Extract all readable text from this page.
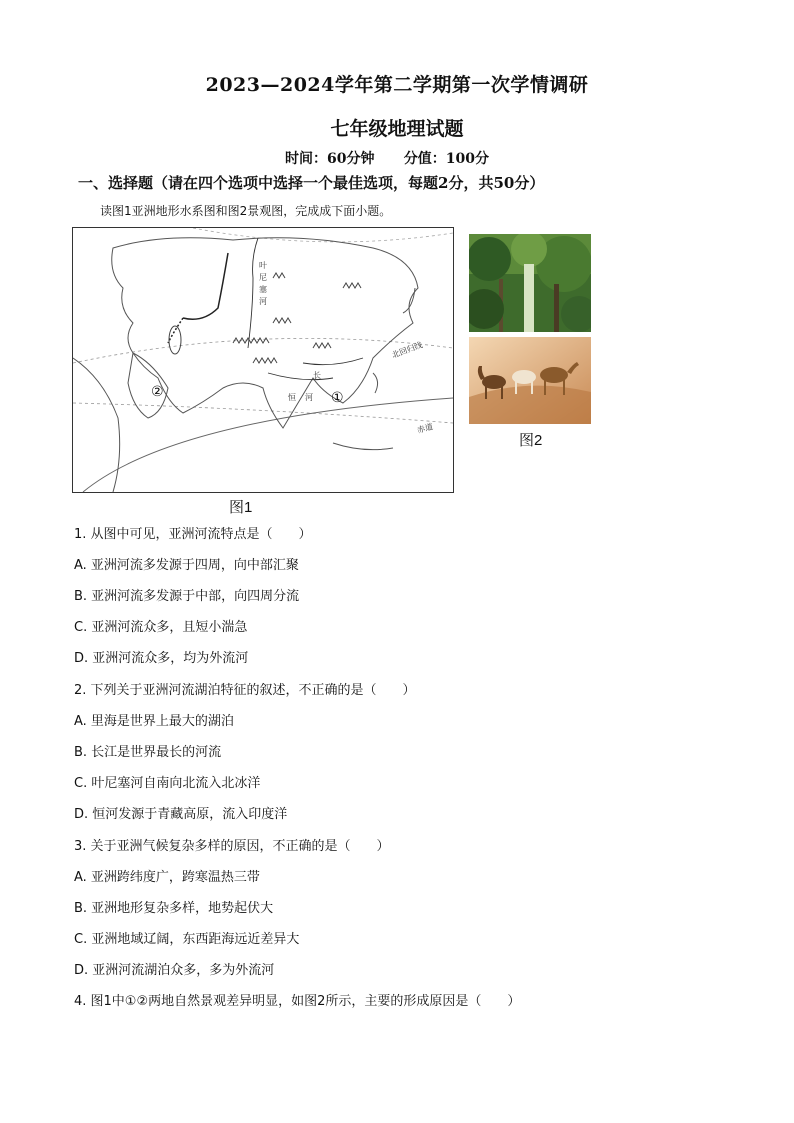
2023—2024学年第二学期第一次学情调研
七年级地理试题
时间：60分钟 分值：100分
一、选择题（请在四个选项中选择一个最佳选项，每题2分，共50分）
读图1亚洲地形水系图和图2景观图，完成成下面小题。
叶
尼
塞
河
恒 河
长
北回归线
赤道
①
②
图1
图2
1. 从图中可见，亚洲河流特点是（　　）
A. 亚洲河流多发源于四周，向中部汇聚
B. 亚洲河流多发源于中部，向四周分流
C. 亚洲河流众多，且短小湍急
D. 亚洲河流众多，均为外流河
2. 下列关于亚洲河流湖泊特征的叙述，不正确的是（　　）
A. 里海是世界上最大的湖泊
B. 长江是世界最长的河流
C. 叶尼塞河自南向北流入北冰洋
D. 恒河发源于青藏高原，流入印度洋
3. 关于亚洲气候复杂多样的原因，不正确的是（　　）
A. 亚洲跨纬度广，跨寒温热三带
B. 亚洲地形复杂多样，地势起伏大
C. 亚洲地域辽阔，东西距海远近差异大
D. 亚洲河流湖泊众多，多为外流河
4. 图1中①②两地自然景观差异明显，如图2所示，主要的形成原因是（　　）
